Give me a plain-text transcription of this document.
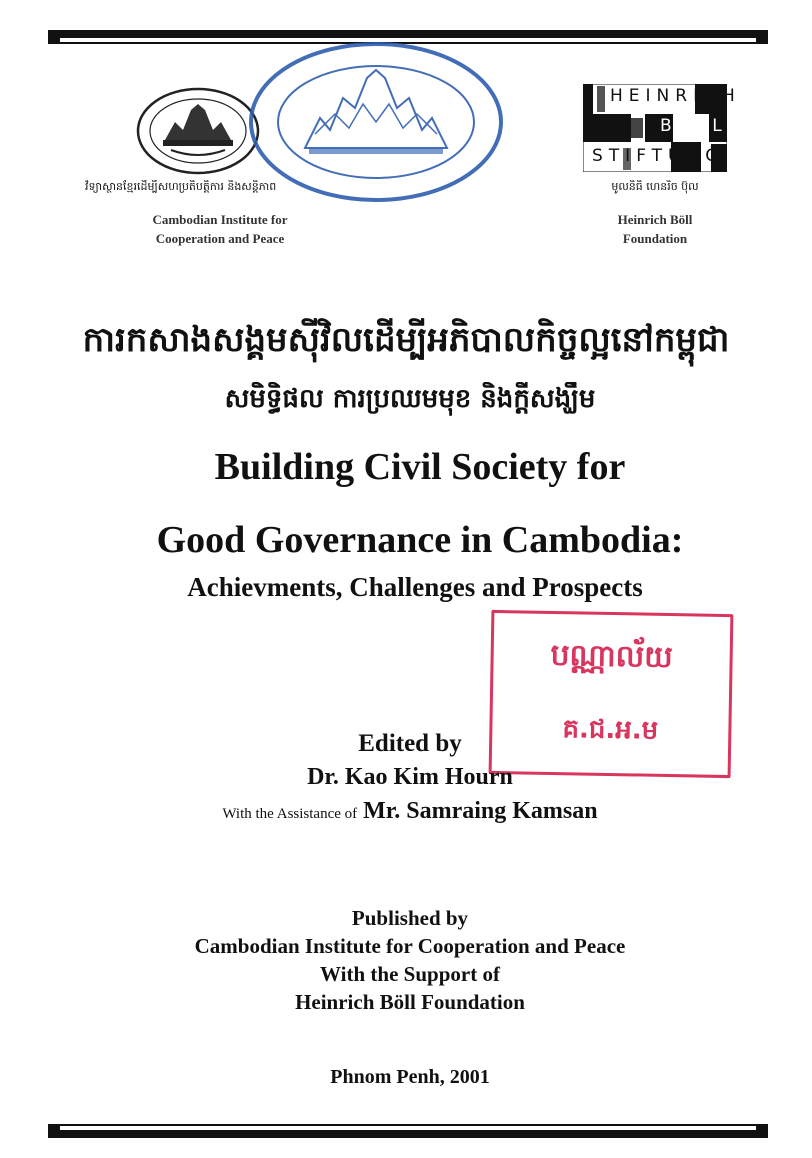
HEINRICH
BÖLL
STIFTUNG
វិទ្យាស្ថានខ្មែរដើម្បីសហប្រតិបត្តិការ និងសន្តិភាព
Cambodian Institute for
Cooperation and Peace
មូលនិធិ ហេនរិច ប៊ុល
Heinrich Böll
Foundation
ការកសាងសង្គមស៊ីវិលដើម្បីអភិបាលកិច្ចល្អនៅកម្ពុជា
សមិទ្ធិផល ការប្រឈមមុខ និងក្តីសង្ឃឹម
Building Civil Society for
Good Governance in Cambodia:
Achievments, Challenges and Prospects
បណ្ណាល័យ
គ.ជ.អ.ម
Edited by
Dr. Kao Kim Hourn
With the Assistance of Mr. Samraing Kamsan
Published by
Cambodian Institute for Cooperation and Peace
With the Support of
Heinrich Böll Foundation
Phnom Penh, 2001
